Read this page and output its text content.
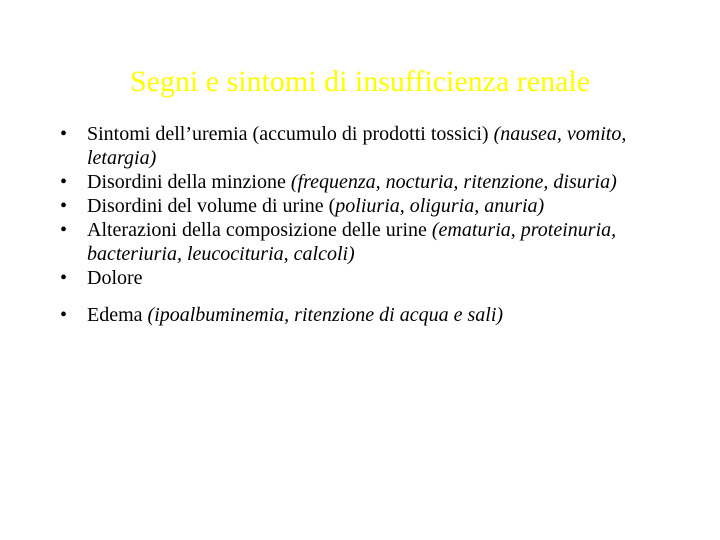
Segni e sintomi di insufficienza renale
• Sintomi dell’uremia (accumulo di prodotti tossici) (nausea, vomito, letargia)
• Disordini della minzione (frequenza, nocturia, ritenzione, disuria)
• Disordini del volume di urine (poliuria, oliguria, anuria)
• Alterazioni della composizione delle urine (ematuria, proteinuria, bacteriuria, leucocituria, calcoli)
• Dolore
• Edema (ipoalbuminemia, ritenzione di acqua e sali)
